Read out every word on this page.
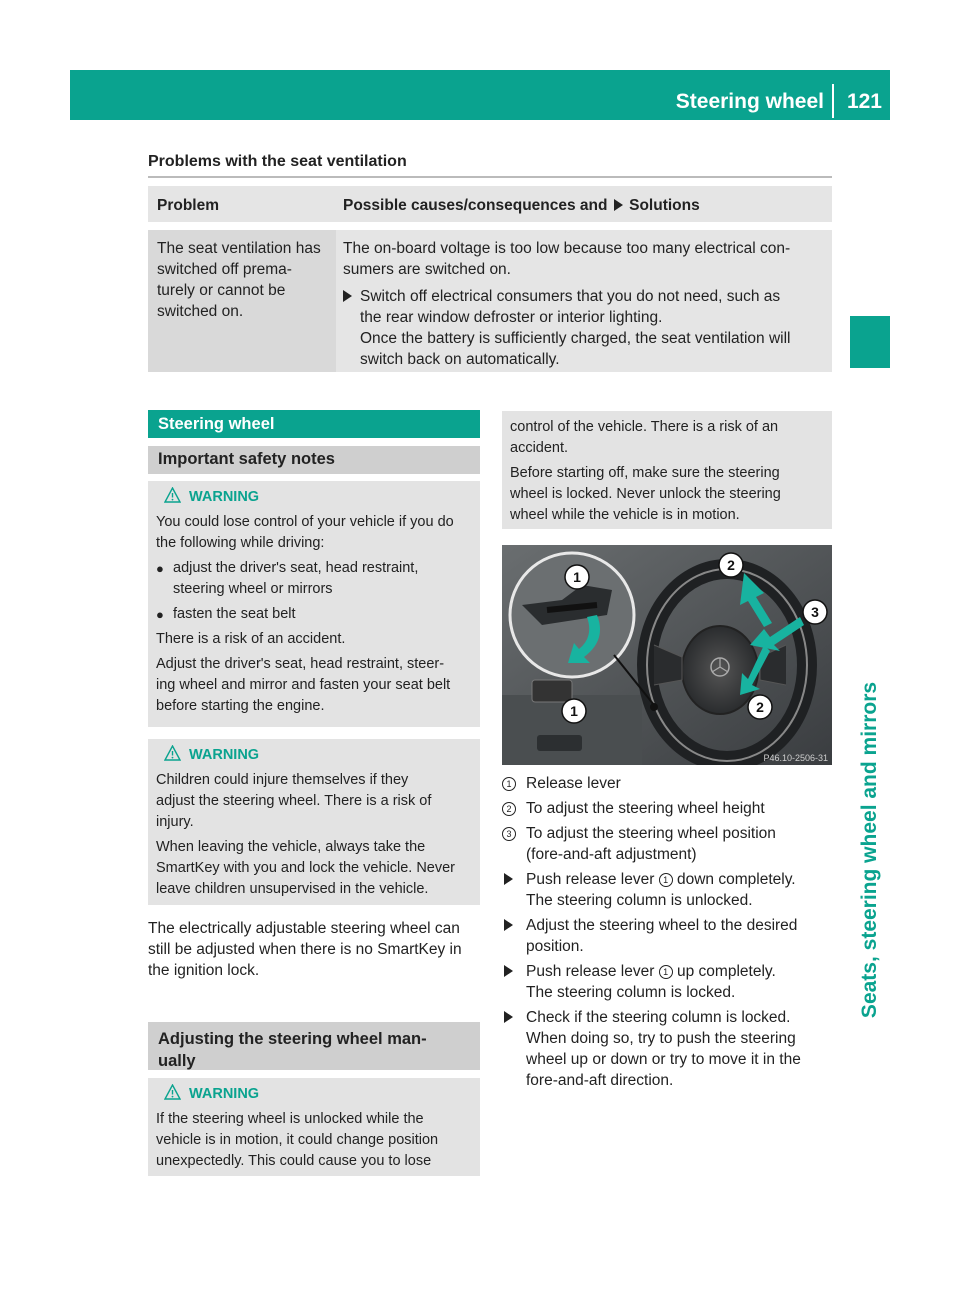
Steering wheel 121
Seats, steering wheel and mirrors
Problems with the seat ventilation
Problem	Possible causes/consequences and Solutions
The seat ventilation has
switched off prema-
turely or cannot be
switched on.

The on-board voltage is too low because too many electrical con-
sumers are switched on.

Switch off electrical consumers that you do not need, such as
the rear window defroster or interior lighting.
Once the battery is sufficiently charged, the seat ventilation will
switch back on automatically.
Steering wheel
Important safety notes
WARNING

You could lose control of your vehicle if you do
the following while driving:

● adjust the driver's seat, head restraint,
steering wheel or mirrors
● fasten the seat belt

There is a risk of an accident.

Adjust the driver's seat, head restraint, steer-
ing wheel and mirror and fasten your seat belt
before starting the engine.

WARNING

Children could injure themselves if they
adjust the steering wheel. There is a risk of
injury.

When leaving the vehicle, always take the
SmartKey with you and lock the vehicle. Never
leave children unsupervised in the vehicle.

The electrically adjustable steering wheel can
still be adjusted when there is no SmartKey in
the ignition lock.
Adjusting the steering wheel man-
ually
WARNING

If the steering wheel is unlocked while the
vehicle is in motion, it could change position
unexpectedly. This could cause you to lose

control of the vehicle. There is a risk of an
accident.

Before starting off, make sure the steering
wheel is locked. Never unlock the steering
wheel while the vehicle is in motion.

1
1
2
2
3
P46.10-2506-31
1 Release lever
2 To adjust the steering wheel height
3 To adjust the steering wheel position
(fore-and-aft adjustment)
Push release lever 1 down completely.
The steering column is unlocked.
Adjust the steering wheel to the desired
position.
Push release lever 1 up completely.
The steering column is locked.
Check if the steering column is locked.
When doing so, try to push the steering
wheel up or down or try to move it in the
fore-and-aft direction.
